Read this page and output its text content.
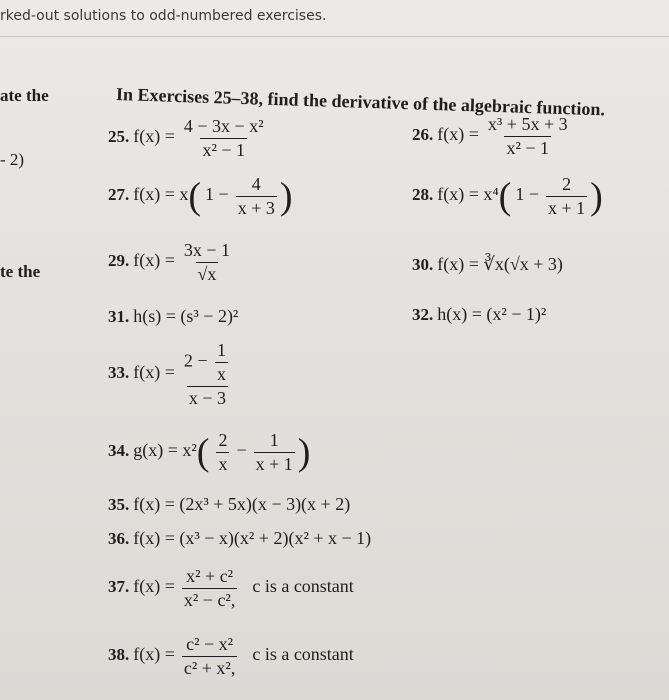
rked-out solutions to odd-numbered exercises.
ate the
- 2)
te the
In Exercises 25–38, find the derivative of the algebraic function.
25. $f(x) = \frac{\text{4 − 3x − x²}}{\text{x² − 1}}$	26. $f(x) = \frac{\text{x³ + 5x + 3}}{\text{x² − 1}}$
27. f(x) = x( $1 - \frac{4}{x + 3}$ )	28. f(x) = x⁴( $1 - \frac{2}{x + 1}$ )
29. $f(x) = \frac{3x - 1}{√x}$	30. f(x) = ∛x(√x + 3)
31. h(s) = (s³ − 2)²	32. h(x) = (x² − 1)²
33. $f(x) = \frac{2 - \frac{1}{x}}{x - 3}$
34. $g(x) = x^2( \frac{2}{x} - \frac{1}{x + 1}$ )
35. f(x) = (2x³ + 5x)(x − 3)(x + 2)
36. f(x) = (x³ − x)(x² + 2)(x² + x − 1)
37. $f(x) = \frac{\text{x² + c²}}{\text{x² − c²,}}$ c is a constant
38. $f(x) = \frac{\text{c² − x²}}{\text{c² + x²,}}$ c is a constant
